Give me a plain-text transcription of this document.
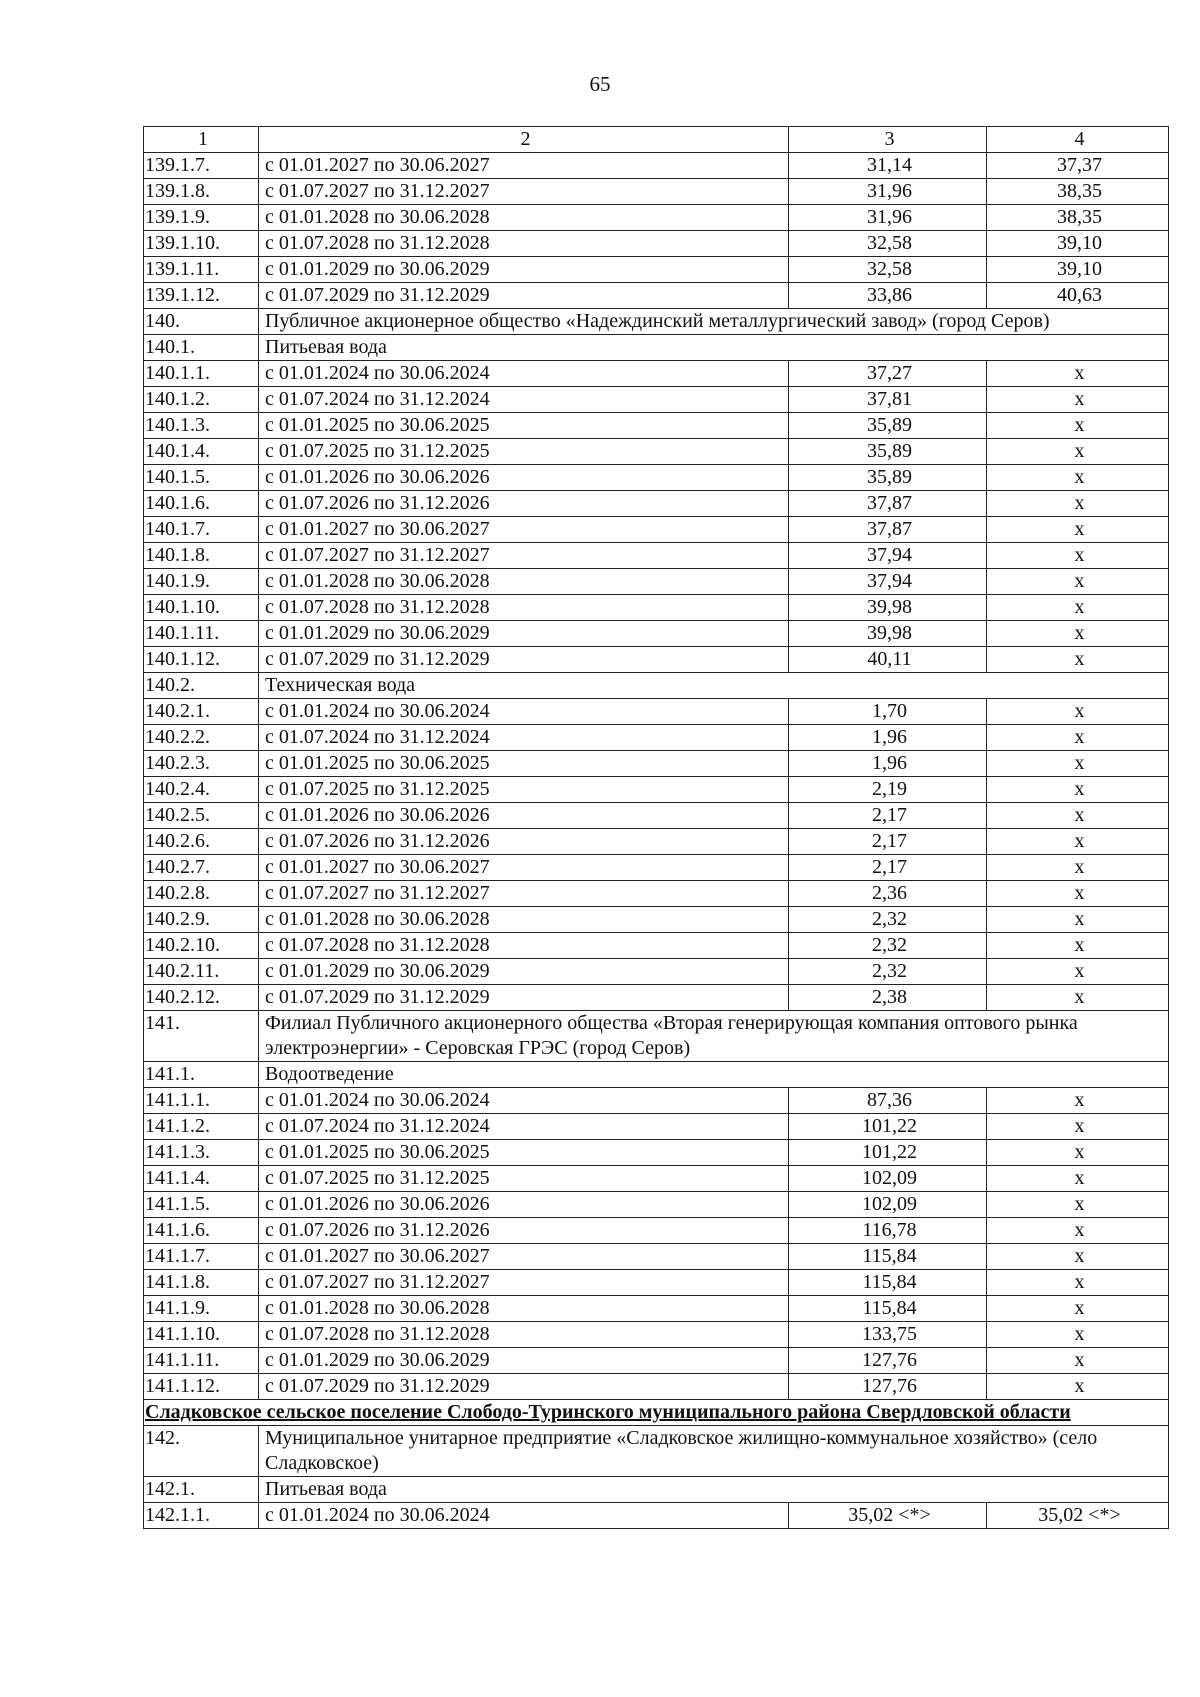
65
1	2	3	4
139.1.7.	с 01.01.2027 по 30.06.2027	31,14	37,37
139.1.8.	с 01.07.2027 по 31.12.2027	31,96	38,35
139.1.9.	с 01.01.2028 по 30.06.2028	31,96	38,35
139.1.10.	с 01.07.2028 по 31.12.2028	32,58	39,10
139.1.11.	с 01.01.2029 по 30.06.2029	32,58	39,10
139.1.12.	с 01.07.2029 по 31.12.2029	33,86	40,63
140.	Публичное акционерное общество «Надеждинский металлургический завод» (город Серов)		
140.1.	Питьевая вода		
140.1.1.	с 01.01.2024 по 30.06.2024	37,27	х
140.1.2.	с 01.07.2024 по 31.12.2024	37,81	х
140.1.3.	с 01.01.2025 по 30.06.2025	35,89	х
140.1.4.	с 01.07.2025 по 31.12.2025	35,89	х
140.1.5.	с 01.01.2026 по 30.06.2026	35,89	х
140.1.6.	с 01.07.2026 по 31.12.2026	37,87	х
140.1.7.	с 01.01.2027 по 30.06.2027	37,87	х
140.1.8.	с 01.07.2027 по 31.12.2027	37,94	х
140.1.9.	с 01.01.2028 по 30.06.2028	37,94	х
140.1.10.	с 01.07.2028 по 31.12.2028	39,98	х
140.1.11.	с 01.01.2029 по 30.06.2029	39,98	х
140.1.12.	с 01.07.2029 по 31.12.2029	40,11	х
140.2.	Техническая вода		
140.2.1.	с 01.01.2024 по 30.06.2024	1,70	х
140.2.2.	с 01.07.2024 по 31.12.2024	1,96	х
140.2.3.	с 01.01.2025 по 30.06.2025	1,96	х
140.2.4.	с 01.07.2025 по 31.12.2025	2,19	х
140.2.5.	с 01.01.2026 по 30.06.2026	2,17	х
140.2.6.	с 01.07.2026 по 31.12.2026	2,17	х
140.2.7.	с 01.01.2027 по 30.06.2027	2,17	х
140.2.8.	с 01.07.2027 по 31.12.2027	2,36	х
140.2.9.	с 01.01.2028 по 30.06.2028	2,32	х
140.2.10.	с 01.07.2028 по 31.12.2028	2,32	х
140.2.11.	с 01.01.2029 по 30.06.2029	2,32	х
140.2.12.	с 01.07.2029 по 31.12.2029	2,38	х
141.	Филиал Публичного акционерного общества «Вторая генерирующая компания оптового рынка электроэнергии» - Серовская ГРЭС (город Серов)		
141.1.	Водоотведение		
141.1.1.	с 01.01.2024 по 30.06.2024	87,36	х
141.1.2.	с 01.07.2024 по 31.12.2024	101,22	х
141.1.3.	с 01.01.2025 по 30.06.2025	101,22	х
141.1.4.	с 01.07.2025 по 31.12.2025	102,09	х
141.1.5.	с 01.01.2026 по 30.06.2026	102,09	х
141.1.6.	с 01.07.2026 по 31.12.2026	116,78	х
141.1.7.	с 01.01.2027 по 30.06.2027	115,84	х
141.1.8.	с 01.07.2027 по 31.12.2027	115,84	х
141.1.9.	с 01.01.2028 по 30.06.2028	115,84	х
141.1.10.	с 01.07.2028 по 31.12.2028	133,75	х
141.1.11.	с 01.01.2029 по 30.06.2029	127,76	х
141.1.12.	с 01.07.2029 по 31.12.2029	127,76	х
Сладковское сельское поселение Слободо-Туринского муниципального района Свердловской области			
142.	Муниципальное унитарное предприятие «Сладковское жилищно-коммунальное хозяйство» (село Сладковское)		
142.1.	Питьевая вода		
142.1.1.	с 01.01.2024 по 30.06.2024	35,02 <*>	35,02 <*>
